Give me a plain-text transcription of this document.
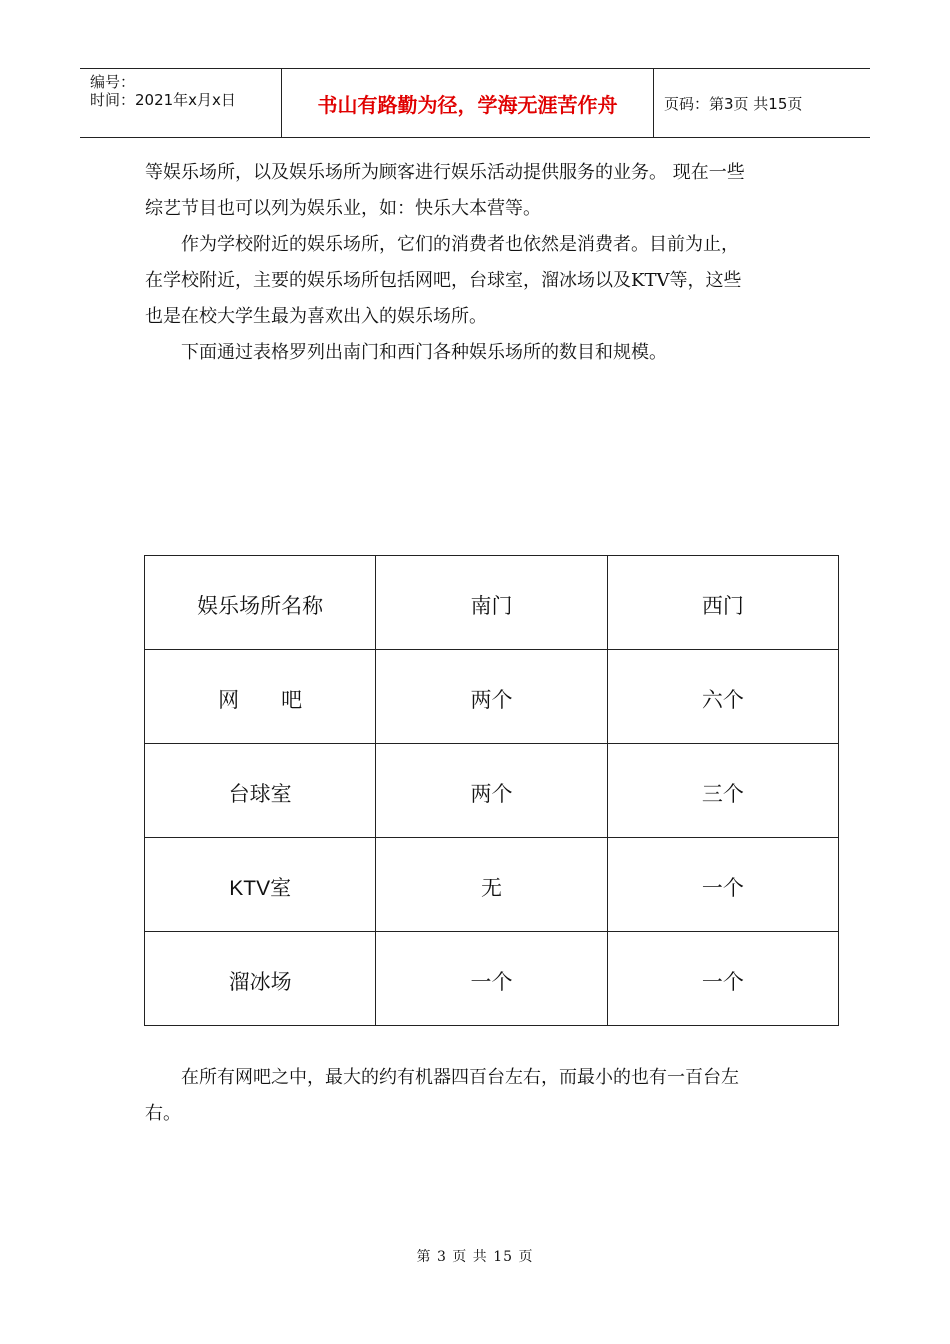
编号：
时间：2021年x月x日	书山有路勤为径，学海无涯苦作舟	页码：第3页 共15页
等娱乐场所，以及娱乐场所为顾客进行娱乐活动提供服务的业务。 现在一些
综艺节目也可以列为娱乐业，如：快乐大本营等。
作为学校附近的娱乐场所，它们的消费者也依然是消费者。目前为止，
在学校附近，主要的娱乐场所包括网吧，台球室，溜冰场以及KTV等，这些
也是在校大学生最为喜欢出入的娱乐场所。
下面通过表格罗列出南门和西门各种娱乐场所的数目和规模。
娱乐场所名称	南门	西门
网　　吧	两个	六个
台球室	两个	三个
KTV室	无	一个
溜冰场	一个	一个
在所有网吧之中，最大的约有机器四百台左右，而最小的也有一百台左
右。
第 3 页 共 15 页
